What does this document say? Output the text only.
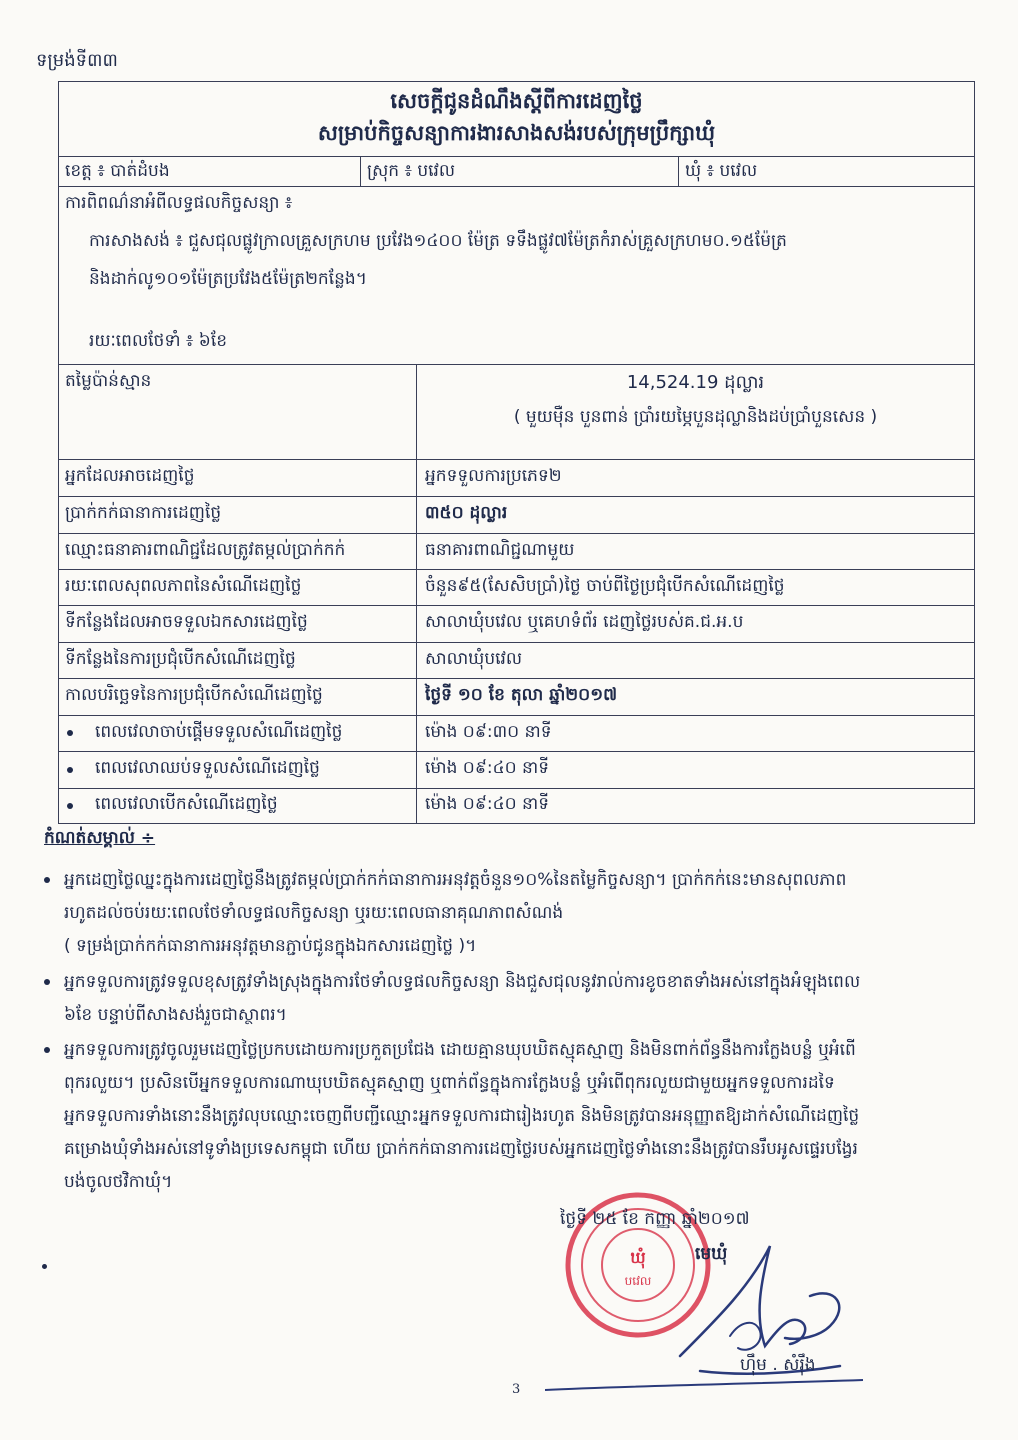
ទម្រង់ទី៣៣
សេចក្ដីជូនដំណឹងស្ដីពីការដេញថ្លៃ
សម្រាប់កិច្ចសន្យាការងារសាងសង់របស់ក្រុមប្រឹក្សាឃុំ
ខេត្ត ៖ បាត់ដំបង	ស្រុក ៖ បវេល	ឃុំ ៖ បវេល
ការពិពណ៌នាអំពីលទ្ធផលកិច្ចសន្យា ៖
ការសាងសង់ ៖ ជួសជុលផ្លូវក្រាលគ្រួសក្រហម ប្រវែង១៤០០ ម៉ែត្រ ទទឹងផ្លូវ៧ម៉ែត្រកំរាស់គ្រួសក្រហម០.១៥ម៉ែត្រ
និងដាក់លូ១០១ម៉ែត្រប្រវែង៥ម៉ែត្រ២កន្លែង។
រយៈពេលថែទាំ ៖ ៦ខែ
តម្លៃប៉ាន់ស្មាន	14,524.19 ដុល្លារ
( មួយម៉ឺន បួនពាន់ ប្រាំរយម្ភៃបួនដុល្លានិងដប់ប្រាំបួនសេន )
អ្នកដែលអាចដេញថ្លៃ	អ្នកទទួលការប្រភេទ២
ប្រាក់កក់ធានាការដេញថ្លៃ	៣៥០ ដុល្លារ
ឈ្មោះធនាគារពាណិជ្ជដែលត្រូវតម្កល់ប្រាក់កក់	ធនាគារពាណិជ្ជណាមួយ
រយៈពេលសុពលភាពនៃសំណើដេញថ្លៃ	ចំនួន៩៥(សែសិបប្រាំ)ថ្ងៃ ចាប់ពីថ្ងៃប្រជុំបើកសំណើដេញថ្លៃ
ទីកន្លែងដែលអាចទទួលឯកសារដេញថ្លៃ	សាលាឃុំបវេល ឬគេហទំព័រ ដេញថ្លៃរបស់គ.ជ.អ.ប
ទីកន្លែងនៃការប្រជុំបើកសំណើដេញថ្លៃ	សាលាឃុំបវេល
កាលបរិច្ឆេទនៃការប្រជុំបើកសំណើដេញថ្លៃ	ថ្ងៃទី ១០ ខែ តុលា ឆ្នាំ២០១៧
ពេលវេលាចាប់ផ្ដើមទទួលសំណើដេញថ្លៃ	ម៉ោង ០៩:៣០ នាទី
ពេលវេលាឈប់ទទួលសំណើដេញថ្លៃ	ម៉ោង ០៩:៤០ នាទី
ពេលវេលាបើកសំណើដេញថ្លៃ	ម៉ោង ០៩:៤០ នាទី
កំណត់សម្គាល់ ÷
អ្នកដេញថ្លៃឈ្នះក្នុងការដេញថ្លៃនឹងត្រូវតម្កល់ប្រាក់កក់ធានាការអនុវត្តចំនួន១០%នៃតម្លៃកិច្ចសន្យា។ ប្រាក់កក់នេះមានសុពលភាព
រហូតដល់ចប់រយៈពេលថែទាំលទ្ធផលកិច្ចសន្យា ឬរយៈពេលធានាគុណភាពសំណង់
( ទម្រង់ប្រាក់កក់ធានាការអនុវត្តមានភ្ជាប់ជូនក្នុងឯកសារដេញថ្លៃ )។
អ្នកទទួលការត្រូវទទួលខុសត្រូវទាំងស្រុងក្នុងការថែទាំលទ្ធផលកិច្ចសន្យា និងជួសជុលនូវរាល់ការខូចខាតទាំងអស់នៅក្នុងអំឡុងពេល
៦ខែ បន្ទាប់ពីសាងសង់រួចជាស្ថាពរ។
អ្នកទទួលការត្រូវចូលរួមដេញថ្លៃប្រកបដោយការប្រកួតប្រជែង ដោយគ្មានឃុបឃិតស្មុគស្មាញ និងមិនពាក់ព័ន្ធនឹងការក្លែងបន្លំ ឬអំពើ
ពុករលួយ។ ប្រសិនបើអ្នកទទួលការណាឃុបឃិតស្មុគស្មាញ ឬពាក់ព័ន្ធក្នុងការក្លែងបន្លំ ឬអំពើពុករលួយជាមួយអ្នកទទួលការដទៃ
អ្នកទទួលការទាំងនោះនឹងត្រូវលុបឈ្មោះចេញពីបញ្ជីឈ្មោះអ្នកទទួលការជារៀងរហូត និងមិនត្រូវបានអនុញ្ញាតឱ្យដាក់សំណើដេញថ្លៃ
គម្រោងឃុំទាំងអស់នៅទូទាំងប្រទេសកម្ពុជា ហើយ ប្រាក់កក់ធានាការដេញថ្លៃរបស់អ្នកដេញថ្លៃទាំងនោះនឹងត្រូវបានរឹបអូសផ្ទេរបង្វែរ
បង់ចូលថវិកាឃុំ។
ឃុំ
បវេល
ថ្ងៃទី ២៥ ខែ កញ្ញា ឆ្នាំ២០១៧
មេឃុំ
ហ៊ឹម . សំរ៉ឹង
3
